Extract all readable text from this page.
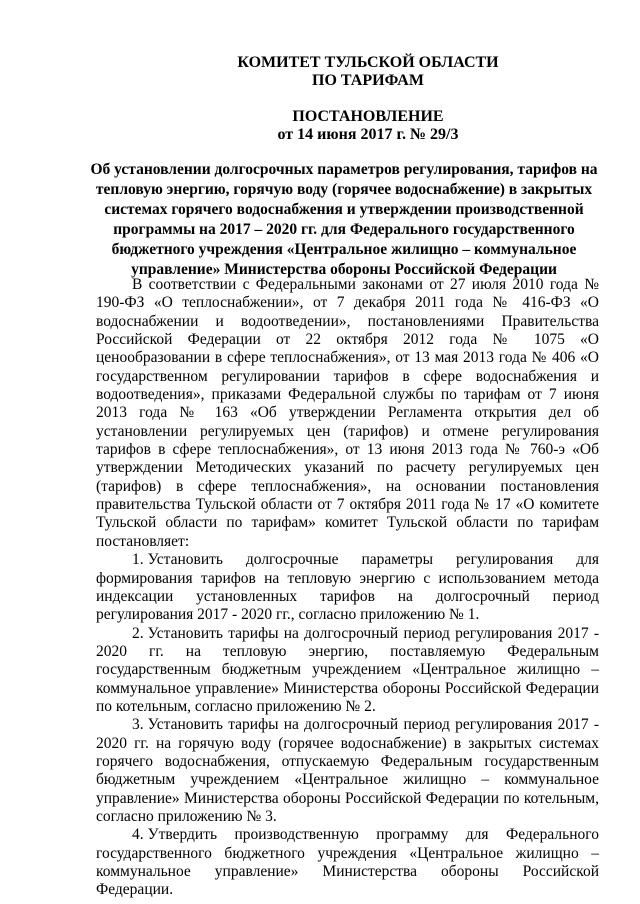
КОМИТЕТ ТУЛЬСКОЙ ОБЛАСТИ
ПО ТАРИФАМ
ПОСТАНОВЛЕНИЕ
от 14 июня 2017 г. № 29/3
Об установлении долгосрочных параметров регулирования, тарифов на тепловую энергию, горячую воду (горячее водоснабжение) в закрытых системах горячего водоснабжения и утверждении производственной программы на 2017 – 2020 гг. для Федерального государственного бюджетного учреждения «Центральное жилищно – коммунальное управление» Министерства обороны Российской Федерации

В соответствии с Федеральными законами от 27 июля 2010 года № 190-ФЗ «О теплоснабжении», от 7 декабря 2011 года № 416-ФЗ «О водоснабжении и водоотведении», постановлениями Правительства Российской Федерации от 22 октября 2012 года № 1075 «О ценообразовании в сфере теплоснабжения», от 13 мая 2013 года № 406 «О государственном регулировании тарифов в сфере водоснабжения и водоотведения», приказами Федеральной службы по тарифам от 7 июня 2013 года № 163 «Об утверждении Регламента открытия дел об установлении регулируемых цен (тарифов) и отмене регулирования тарифов в сфере теплоснабжения», от 13 июня 2013 года № 760-э «Об утверждении Методических указаний по расчету регулируемых цен (тарифов) в сфере теплоснабжения», на основании постановления правительства Тульской области от 7 октября 2011 года № 17 «О комитете Тульской области по тарифам» комитет Тульской области по тарифам постановляет:

1. Установить долгосрочные параметры регулирования для формирования тарифов на тепловую энергию с использованием метода индексации установленных тарифов на долгосрочный период регулирования 2017 - 2020 гг., согласно приложению № 1.

2. Установить тарифы на долгосрочный период регулирования 2017 - 2020 гг. на тепловую энергию, поставляемую Федеральным государственным бюджетным учреждением «Центральное жилищно – коммунальное управление» Министерства обороны Российской Федерации по котельным, согласно приложению № 2.

3. Установить тарифы на долгосрочный период регулирования 2017 - 2020 гг. на горячую воду (горячее водоснабжение) в закрытых системах горячего водоснабжения, отпускаемую Федеральным государственным бюджетным учреждением «Центральное жилищно – коммунальное управление» Министерства обороны Российской Федерации по котельным, согласно приложению № 3.

4. Утвердить производственную программу для Федерального государственного бюджетного учреждения «Центральное жилищно – коммунальное управление» Министерства обороны Российской Федерации.
